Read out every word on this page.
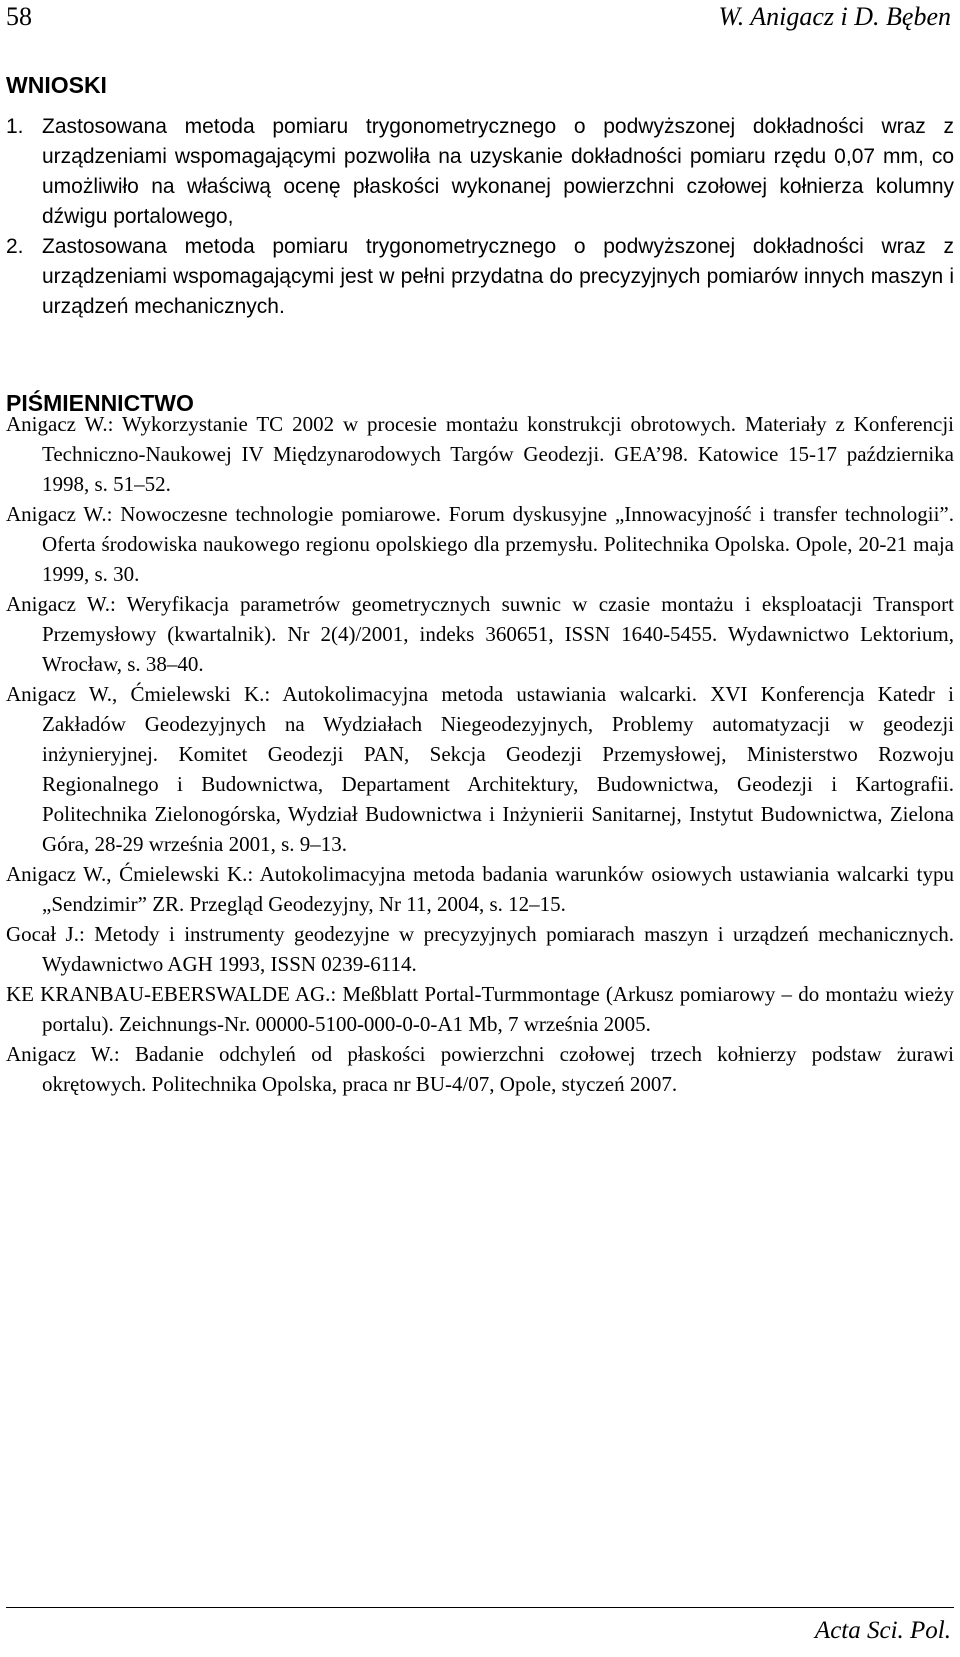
58	W. Anigacz i D. Bęben
WNIOSKI
1. Zastosowana metoda pomiaru trygonometrycznego o podwyższonej dokładności wraz z urządzeniami wspomagającymi pozwoliła na uzyskanie dokładności pomiaru rzędu 0,07 mm, co umożliwiło na właściwą ocenę płaskości wykonanej powierzchni czołowej kołnierza kolumny dźwigu portalowego,
2. Zastosowana metoda pomiaru trygonometrycznego o podwyższonej dokładności wraz z urządzeniami wspomagającymi jest w pełni przydatna do precyzyjnych pomiarów innych maszyn i urządzeń mechanicznych.
PIŚMIENNICTWO
Anigacz W.: Wykorzystanie TC 2002 w procesie montażu konstrukcji obrotowych. Materiały z Konferencji Techniczno-Naukowej IV Międzynarodowych Targów Geodezji. GEA’98. Katowice 15-17 października 1998, s. 51–52.
Anigacz W.: Nowoczesne technologie pomiarowe. Forum dyskusyjne „Innowacyjność i transfer technologii”. Oferta środowiska naukowego regionu opolskiego dla przemysłu. Politechnika Opolska. Opole, 20-21 maja 1999, s. 30.
Anigacz W.: Weryfikacja parametrów geometrycznych suwnic w czasie montażu i eksploatacji Transport Przemysłowy (kwartalnik). Nr 2(4)/2001, indeks 360651, ISSN 1640-5455. Wydawnictwo Lektorium, Wrocław, s. 38–40.
Anigacz W., Ćmielewski K.: Autokolimacyjna metoda ustawiania walcarki. XVI Konferencja Katedr i Zakładów Geodezyjnych na Wydziałach Niegeodezyjnych, Problemy automatyzacji w geodezji inżynieryjnej. Komitet Geodezji PAN, Sekcja Geodezji Przemysłowej, Ministerstwo Rozwoju Regionalnego i Budownictwa, Departament Architektury, Budownictwa, Geodezji i Kartografii. Politechnika Zielonogórska, Wydział Budownictwa i Inżynierii Sanitarnej, Instytut Budownictwa, Zielona Góra, 28-29 września 2001, s. 9–13.
Anigacz W., Ćmielewski K.: Autokolimacyjna metoda badania warunków osiowych ustawiania walcarki typu „Sendzimir” ZR. Przegląd Geodezyjny, Nr 11, 2004, s. 12–15.
Gocał J.: Metody i instrumenty geodezyjne w precyzyjnych pomiarach maszyn i urządzeń mechanicznych. Wydawnictwo AGH 1993, ISSN 0239-6114.
KE KRANBAU-EBERSWALDE AG.: Meßblatt Portal-Turmmontage (Arkusz pomiarowy – do montażu wieży portalu). Zeichnungs-Nr. 00000-5100-000-0-0-A1 Mb, 7 września 2005.
Anigacz W.: Badanie odchyleń od płaskości powierzchni czołowej trzech kołnierzy podstaw żurawi okrętowych. Politechnika Opolska, praca nr BU-4/07, Opole, styczeń 2007.
Acta Sci. Pol.
